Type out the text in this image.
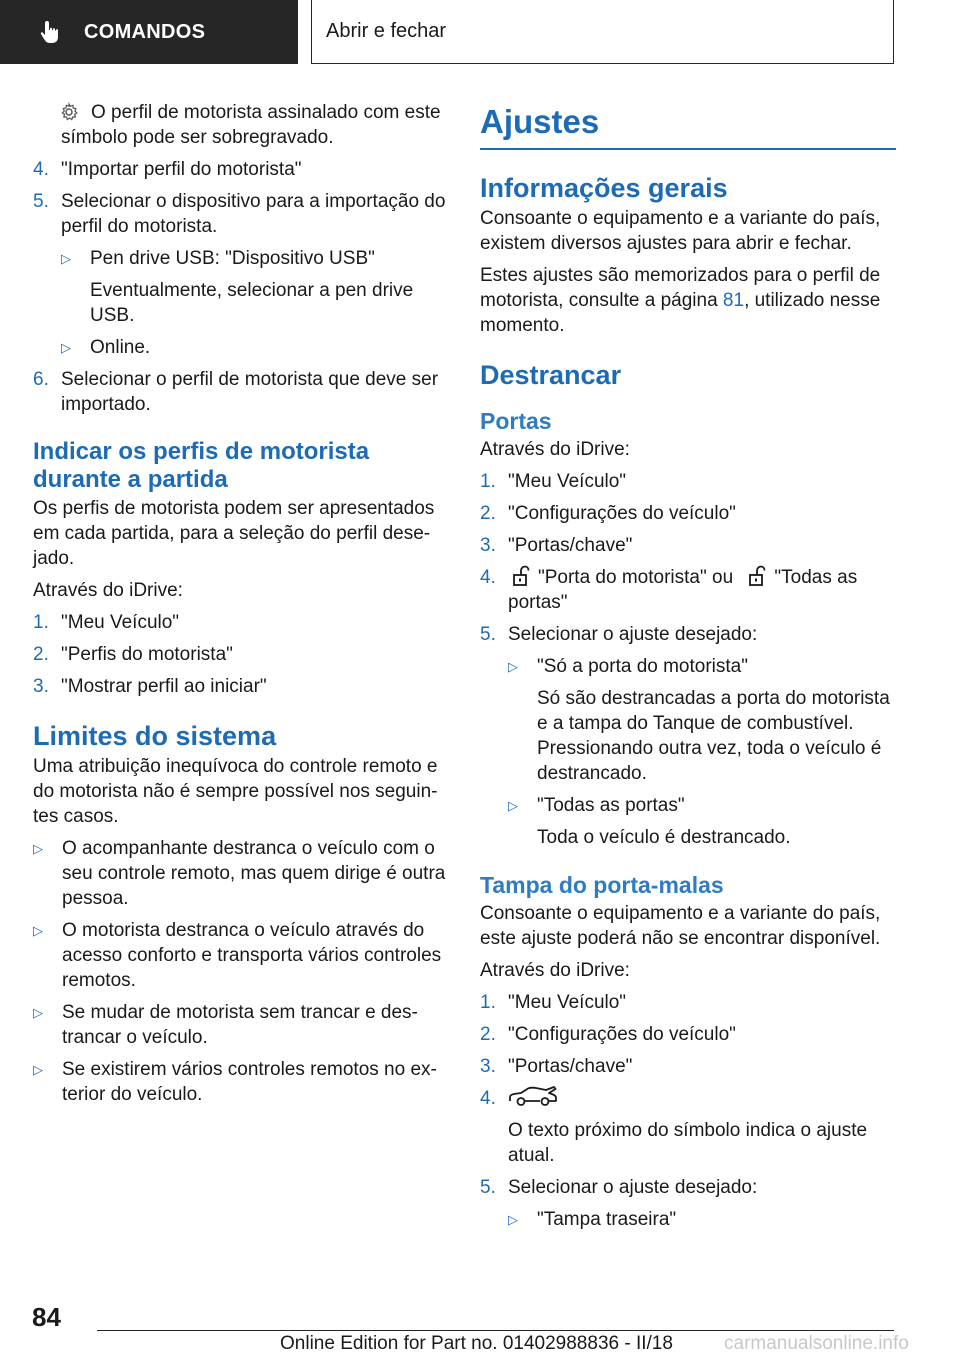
COMANDOS	Abrir e fechar
O perfil de motorista assinalado com este símbolo pode ser sobregravado.
4. "Importar perfil do motorista"
5. Selecionar o dispositivo para a importação do perfil do motorista.
▷	Pen drive USB: "Dispositivo USB"
Eventualmente, selecionar a pen drive USB.
▷	Online.
6. Selecionar o perfil de motorista que deve ser importado.
Indicar os perfis de motorista durante a partida

Os perfis de motorista podem ser apresentados em cada partida, para a seleção do perfil dese-jado.

Através do iDrive:

1. "Meu Veículo"
2. "Perfis do motorista"
3. "Mostrar perfil ao iniciar"
Limites do sistema

Uma atribuição inequívoca do controle remoto e do motorista não é sempre possível nos seguin-tes casos.

▷	O acompanhante destranca o veículo com o seu controle remoto, mas quem dirige é outra pessoa.
▷	O motorista destranca o veículo através do acesso conforto e transporta vários controles remotos.
▷	Se mudar de motorista sem trancar e des-trancar o veículo.
▷	Se existirem vários controles remotos no ex-terior do veículo.
Ajustes
Informações gerais

Consoante o equipamento e a variante do país, existem diversos ajustes para abrir e fechar.

Estes ajustes são memorizados para o perfil de motorista, consulte a página 81, utilizado nesse momento.

Destrancar
Portas

Através do iDrive:

1. "Meu Veículo"
2. "Configurações do veículo"
3. "Portas/chave"
4.	"Porta do motorista" ou "Todas as portas"
5. Selecionar o ajuste desejado:
▷	"Só a porta do motorista"
Só são destrancadas a porta do motorista e a tampa do Tanque de combustível. Pressionando outra vez, toda o veículo é destrancado.
▷	"Todas as portas"
Toda o veículo é destrancado.
Tampa do porta-malas

Consoante o equipamento e a variante do país, este ajuste poderá não se encontrar disponível.

Através do iDrive:

1. "Meu Veículo"
2. "Configurações do veículo"
3. "Portas/chave"
4.
O texto próximo do símbolo indica o ajuste atual.
5. Selecionar o ajuste desejado:
▷	"Tampa traseira"
84
Online Edition for Part no. 01402988836 - II/18	carmanualsonline.info
